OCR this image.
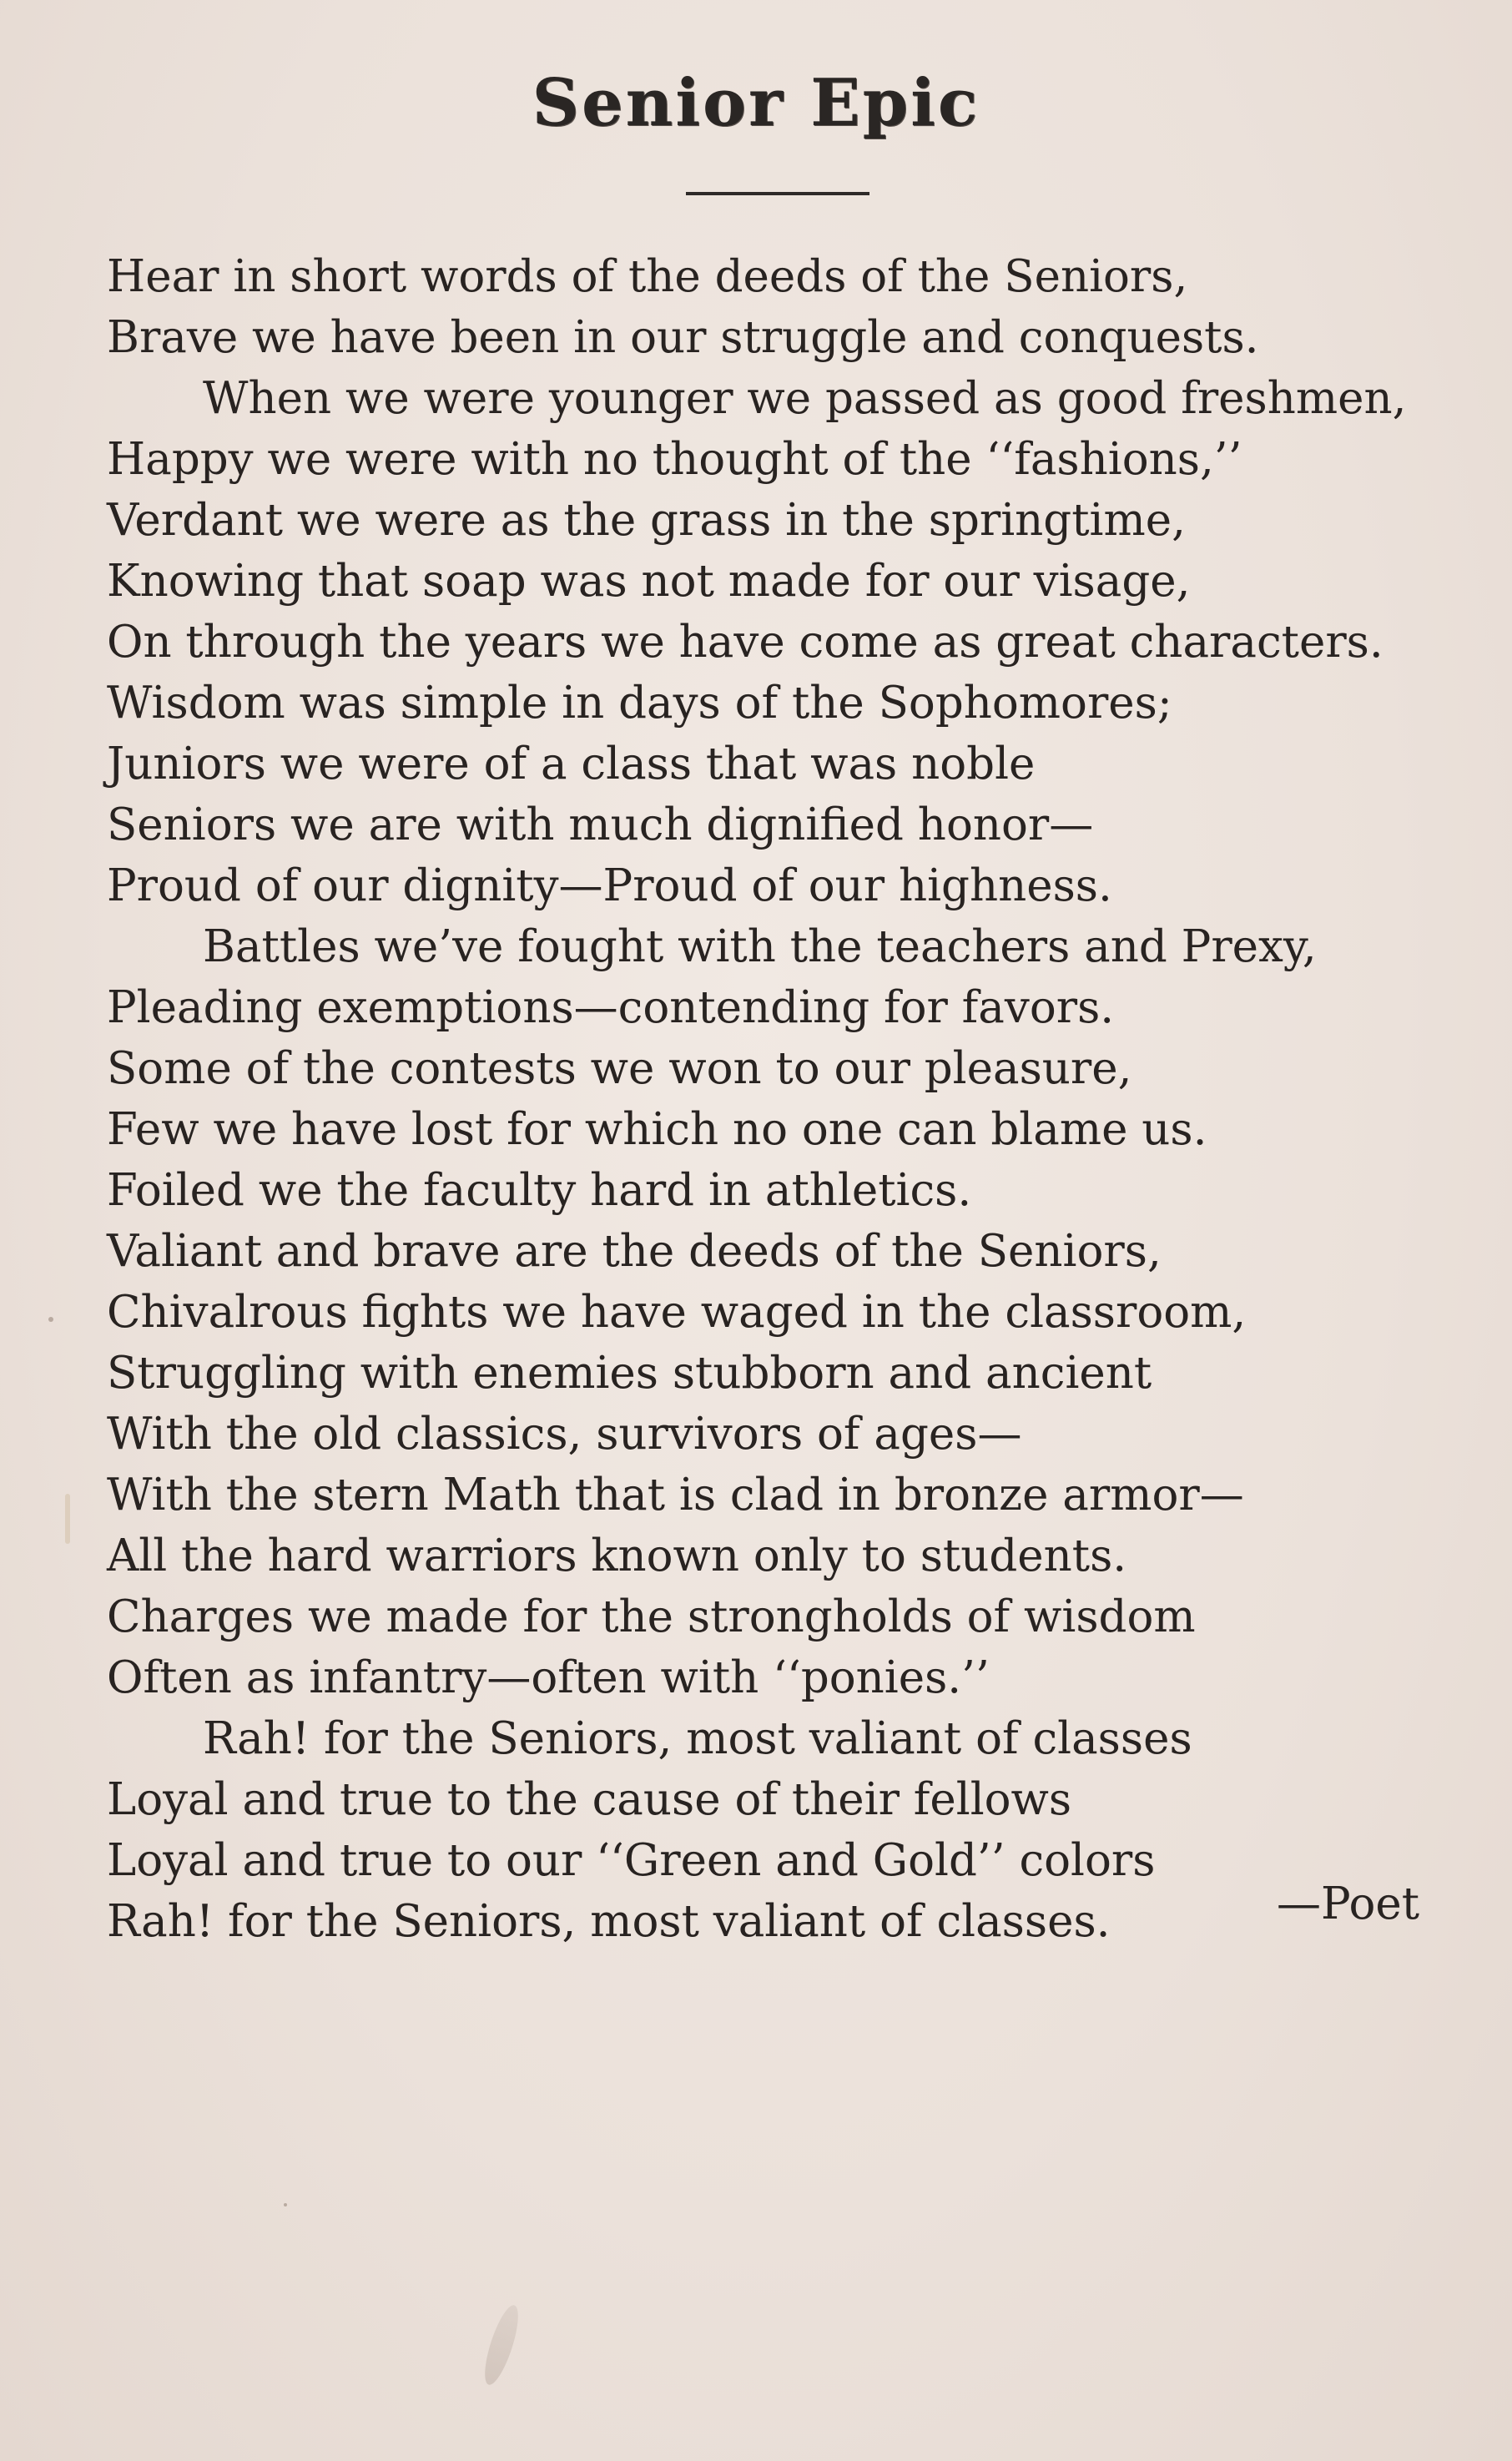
Senior Epic
Hear in short words of the deeds of the Seniors,
Brave we have been in our struggle and conquests.
When we were younger we passed as good freshmen,
Happy we were with no thought of the ‘‘fashions,’’
Verdant we were as the grass in the springtime,
Knowing that soap was not made for our visage,
On through the years we have come as great characters.
Wisdom was simple in days of the Sophomores;
Juniors we were of a class that was noble
Seniors we are with much dignified honor—
Proud of our dignity—Proud of our highness.
Battles we’ve fought with the teachers and Prexy,
Pleading exemptions—contending for favors.
Some of the contests we won to our pleasure,
Few we have lost for which no one can blame us.
Foiled we the faculty hard in athletics.
Valiant and brave are the deeds of the Seniors,
Chivalrous fights we have waged in the classroom,
Struggling with enemies stubborn and ancient
With the old classics, survivors of ages—
With the stern Math that is clad in bronze armor—
All the hard warriors known only to students.
Charges we made for the strongholds of wisdom
Often as infantry—often with ‘‘ponies.’’
Rah! for the Seniors, most valiant of classes
Loyal and true to the cause of their fellows
Loyal and true to our ‘‘Green and Gold’’ colors
Rah! for the Seniors, most valiant of classes.	—Poet
